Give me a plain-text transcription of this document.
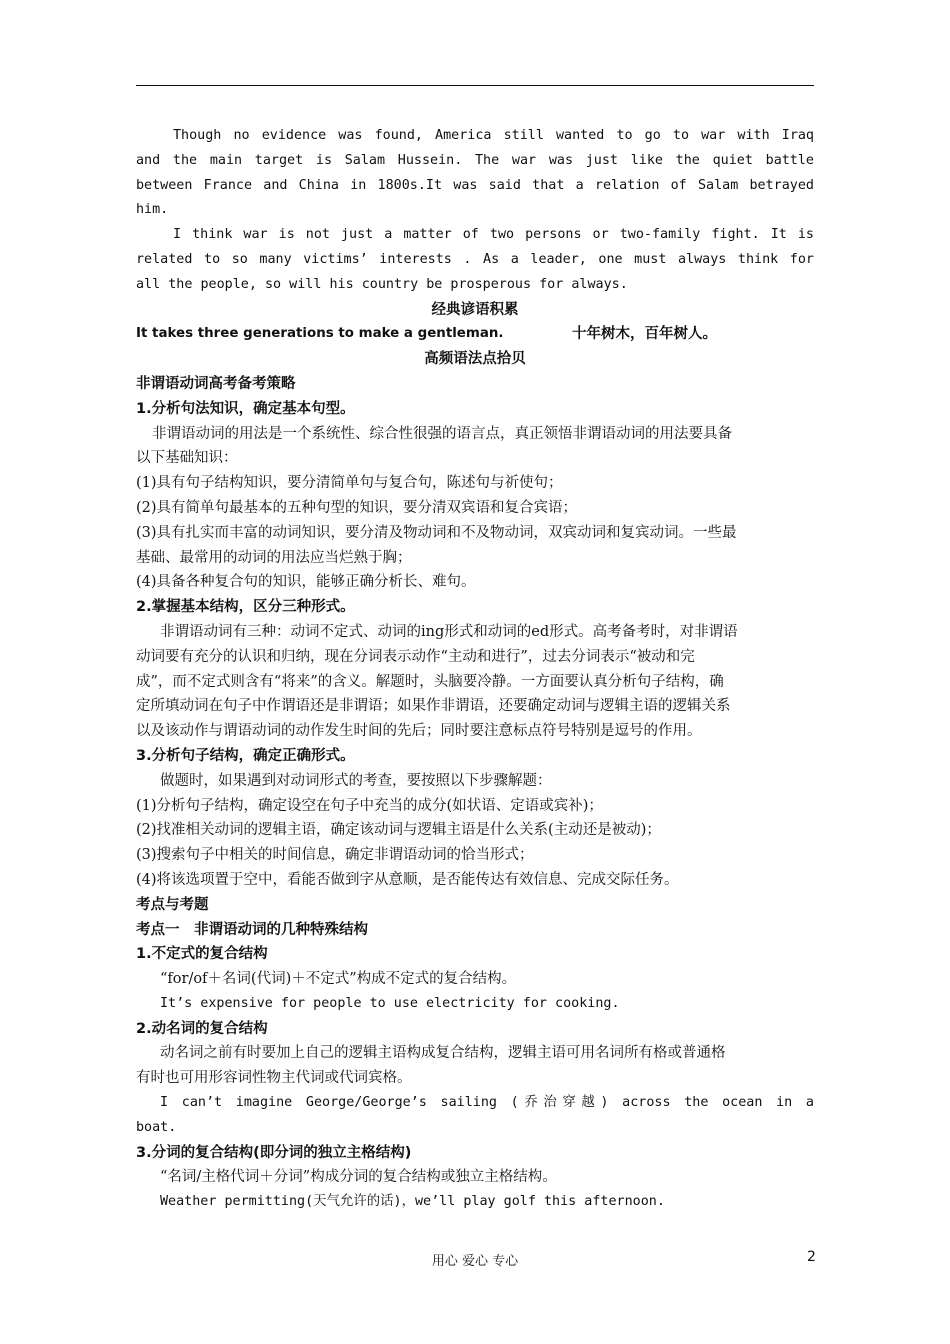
Though no evidence was found, America still wanted to go to war with Iraq
and the main target is Salam Hussein. The war was just like the quiet battle
between France and China in 1800s.It was said that a relation of Salam betrayed
him.
I think war is not just a matter of two persons or two-family fight. It is
related to so many victims’ interests . As a leader, one must always think for
all the people, so will his country be prosperous for always.
经典谚语积累
It takes three generations to make a gentleman.	十年树木，百年树人。
高频语法点拾贝
非谓语动词高考备考策略
1.分析句法知识，确定基本句型。
非谓语动词的用法是一个系统性、综合性很强的语言点，真正领悟非谓语动词的用法要具备
以下基础知识：
(1)具有句子结构知识，要分清简单句与复合句，陈述句与祈使句；
(2)具有简单句最基本的五种句型的知识，要分清双宾语和复合宾语；
(3)具有扎实而丰富的动词知识，要分清及物动词和不及物动词，双宾动词和复宾动词。一些最
基础、最常用的动词的用法应当烂熟于胸；
(4)具备各种复合句的知识，能够正确分析长、难句。
2.掌握基本结构，区分三种形式。
非谓语动词有三种：动词不定式、动词的ing形式和动词的ed形式。高考备考时，对非谓语
动词要有充分的认识和归纳，现在分词表示动作“主动和进行”，过去分词表示“被动和完
成”，而不定式则含有“将来”的含义。解题时，头脑要冷静。一方面要认真分析句子结构，确
定所填动词在句子中作谓语还是非谓语；如果作非谓语，还要确定动词与逻辑主语的逻辑关系
以及该动作与谓语动词的动作发生时间的先后；同时要注意标点符号特别是逗号的作用。
3.分析句子结构，确定正确形式。
做题时，如果遇到对动词形式的考查，要按照以下步骤解题：
(1)分析句子结构，确定设空在句子中充当的成分(如状语、定语或宾补)；
(2)找准相关动词的逻辑主语，确定该动词与逻辑主语是什么关系(主动还是被动)；
(3)搜索句子中相关的时间信息，确定非谓语动词的恰当形式；
(4)将该选项置于空中，看能否做到字从意顺，是否能传达有效信息、完成交际任务。
考点与考题
考点一　非谓语动词的几种特殊结构
1.不定式的复合结构
“for/of＋名词(代词)＋不定式”构成不定式的复合结构。
It’s expensive for people to use electricity for cooking.
2.动名词的复合结构
动名词之前有时要加上自己的逻辑主语构成复合结构，逻辑主语可用名词所有格或普通格
有时也可用形容词性物主代词或代词宾格。
I can’t imagine George/George’s sailing (乔治穿越) across the ocean in a
boat.
3.分词的复合结构(即分词的独立主格结构)
“名词/主格代词＋分词”构成分词的复合结构或独立主格结构。
Weather permitting(天气允许的话)，we’ll play golf this afternoon.
用心 爱心 专心	2
